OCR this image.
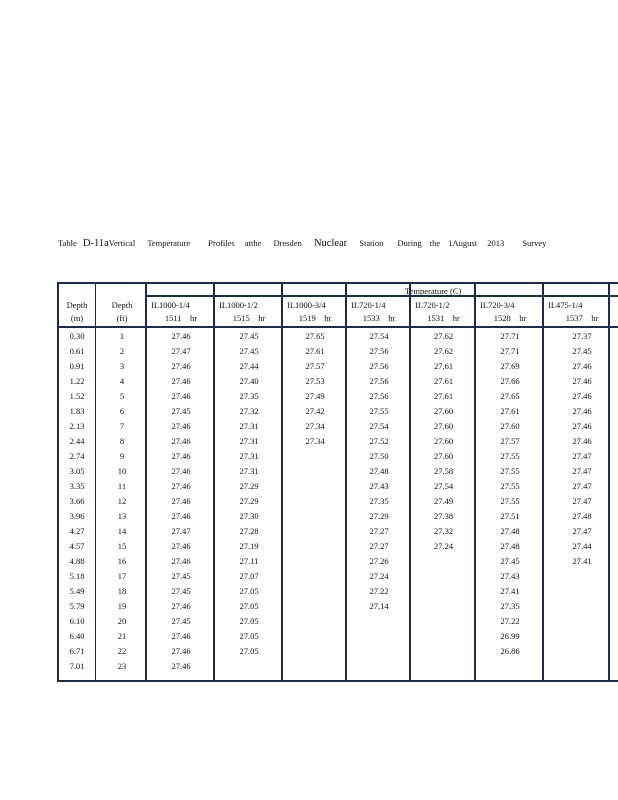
Table D-11aVertical Temperature Profiles atthe Dresden Nuclear Station During the 1August 2013 Survey
Temperature (C)
Depth
(m)
Depth
(ft)
0.30
0.61
0.91
1.22
1.52
1.83
2.13
2.44
2.74
3.05
3.35
3.66
3.96
4.27
4.57
4.88
5.18
5.49
5.79
6.10
6.40
6.71
7.01
1
2
3
4
5
6
7
8
9
10
11
12
13
14
15
16
17
18
19
20
21
22
23
IL1000-1/4
1511    hr
27.46
27.47
27.46
27.46
27.46
27.45
27.46
27.46
27.46
27.46
27.46
27.46
27.46
27.47
27.46
27.46
27.45
27.45
27.46
27.45
27.46
27.46
27.46
IL1000-1/2
1515    hr
27.45
27.45
27.44
27.40
27.35
27.32
27.31
27.31
27.31
27.31
27.29
27.29
27.30
27.28
27.19
27.11
27.07
27.05
27.05
27.05
27.05
27.05
IL1000-3/4
1519    hr
27.65
27.61
27.57
27.53
27.49
27.42
27.34
27.34
IL720-1/4
1533    hr
27.54
27.56
27.56
27.56
27.56
27.55
27.54
27.52
27.50
27.48
27.43
27.35
27.29
27.27
27.27
27.26
27.24
27.22
27.14
IL720-1/2
1531    hr
27.62
27.62
27.61
27.61
27.61
27.60
27.60
27.60
27.60
27.58
27.54
27.49
27.38
27.32
27.24
IL720-3/4
1528    hr
27.71
27.71
27.69
27.66
27.65
27.61
27.60
27.57
27.55
27.55
27.55
27.55
27.51
27.48
27.48
27.45
27.43
27.41
27.35
27.22
26.99
26.86
IL475-1/4
1537    hr
27.37
27.45
27.46
27.46
27.46
27.46
27.46
27.46
27.47
27.47
27.47
27.47
27.48
27.47
27.44
27.41
